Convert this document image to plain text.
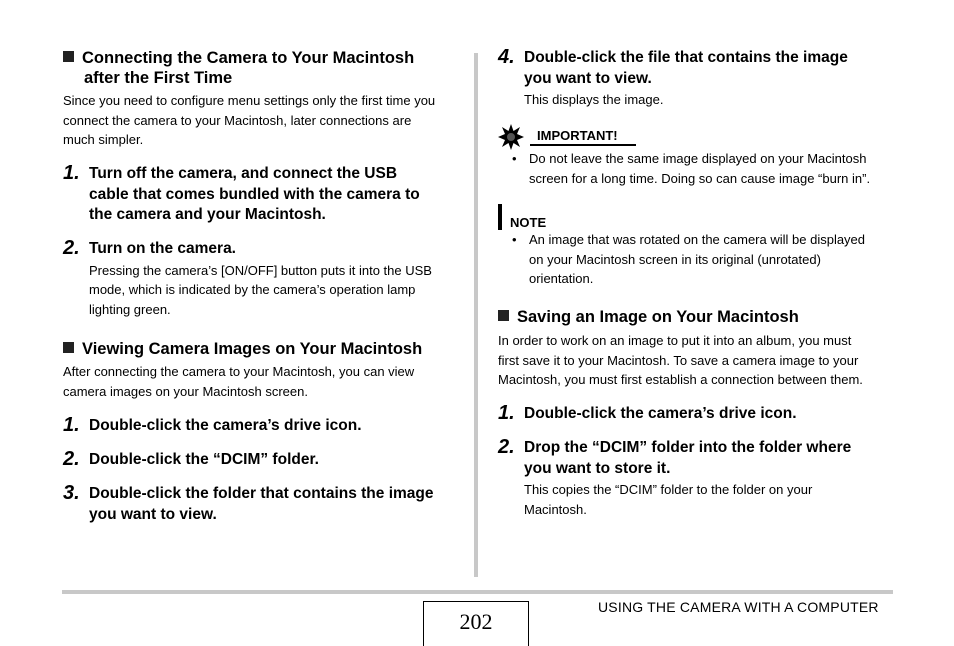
Connecting the Camera to Your Macintosh
after the First Time
Since you need to configure menu settings only the first time you
connect the camera to your Macintosh, later connections are
much simpler.
1. Turn off the camera, and connect the USB
cable that comes bundled with the camera to
the camera and your Macintosh.
2. Turn on the camera.
Pressing the camera’s [ON/OFF] button puts it into the USB
mode, which is indicated by the camera’s operation lamp
lighting green.
Viewing Camera Images on Your Macintosh
After connecting the camera to your Macintosh, you can view
camera images on your Macintosh screen.
1. Double-click the camera’s drive icon.
2. Double-click the “DCIM” folder.
3. Double-click the folder that contains the image
you want to view.
4. Double-click the file that contains the image
you want to view.
This displays the image.
IMPORTANT!
• Do not leave the same image displayed on your Macintosh
screen for a long time. Doing so can cause image “burn in”.
NOTE
• An image that was rotated on the camera will be displayed
on your Macintosh screen in its original (unrotated)
orientation.
Saving an Image on Your Macintosh
In order to work on an image to put it into an album, you must
first save it to your Macintosh. To save a camera image to your
Macintosh, you must first establish a connection between them.
1. Double-click the camera’s drive icon.
2. Drop the “DCIM” folder into the folder where
you want to store it.
This copies the “DCIM” folder to the folder on your
Macintosh.
202
USING THE CAMERA WITH A COMPUTER
